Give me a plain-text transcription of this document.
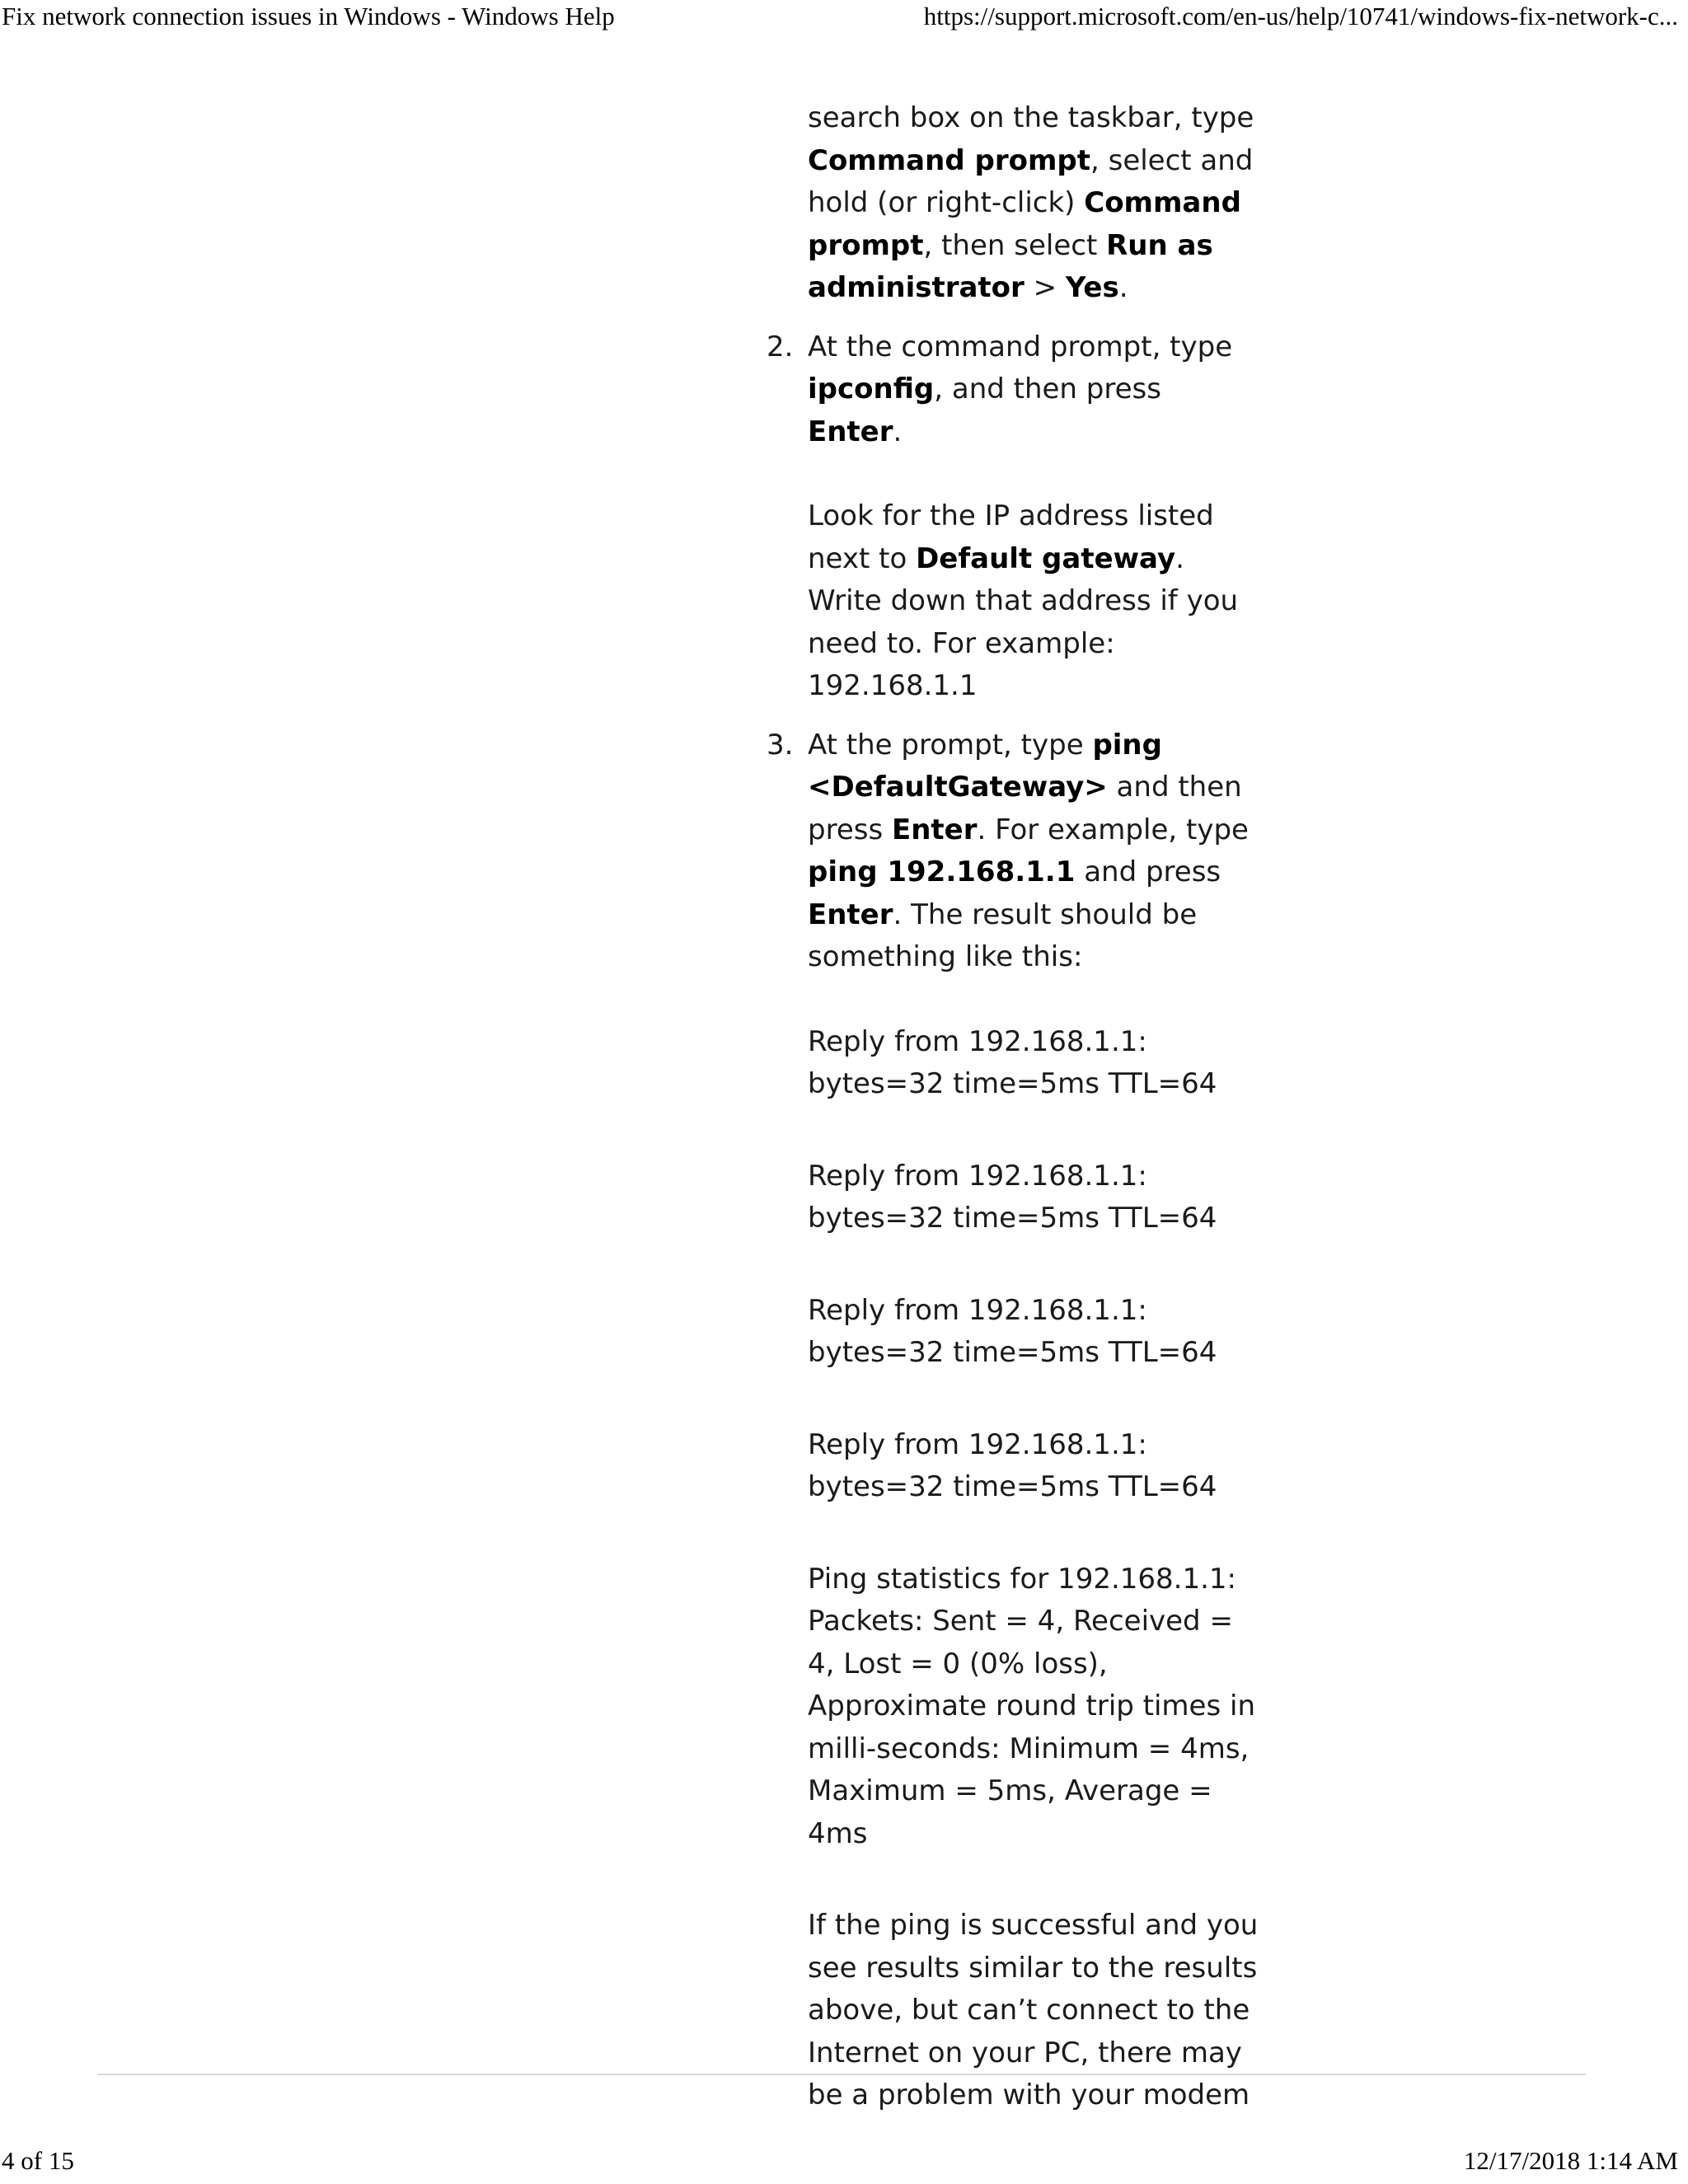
Fix network connection issues in Windows - Windows Help	https://support.microsoft.com/en-us/help/10741/windows-fix-network-c...

search box on the taskbar, type Command prompt, select and hold (or right-click) Command prompt, then select Run as administrator > Yes.

2. At the command prompt, type ipconfig, and then press Enter.

Look for the IP address listed next to Default gateway. Write down that address if you need to. For example: 192.168.1.1

3. At the prompt, type ping <DefaultGateway> and then press Enter. For example, type ping 192.168.1.1 and press Enter. The result should be something like this:

Reply from 192.168.1.1:

bytes=32 time=5ms TTL=64

Reply from 192.168.1.1:

bytes=32 time=5ms TTL=64

Reply from 192.168.1.1:

bytes=32 time=5ms TTL=64

Reply from 192.168.1.1:

bytes=32 time=5ms TTL=64

Ping statistics for 192.168.1.1: Packets: Sent = 4, Received = 4, Lost = 0 (0% loss), Approximate round trip times in milli-seconds: Minimum = 4ms, Maximum = 5ms, Average = 4ms

If the ping is successful and you see results similar to the results above, but can’t connect to the Internet on your PC, there may be a problem with your modem

4 of 15	12/17/2018 1:14 AM
